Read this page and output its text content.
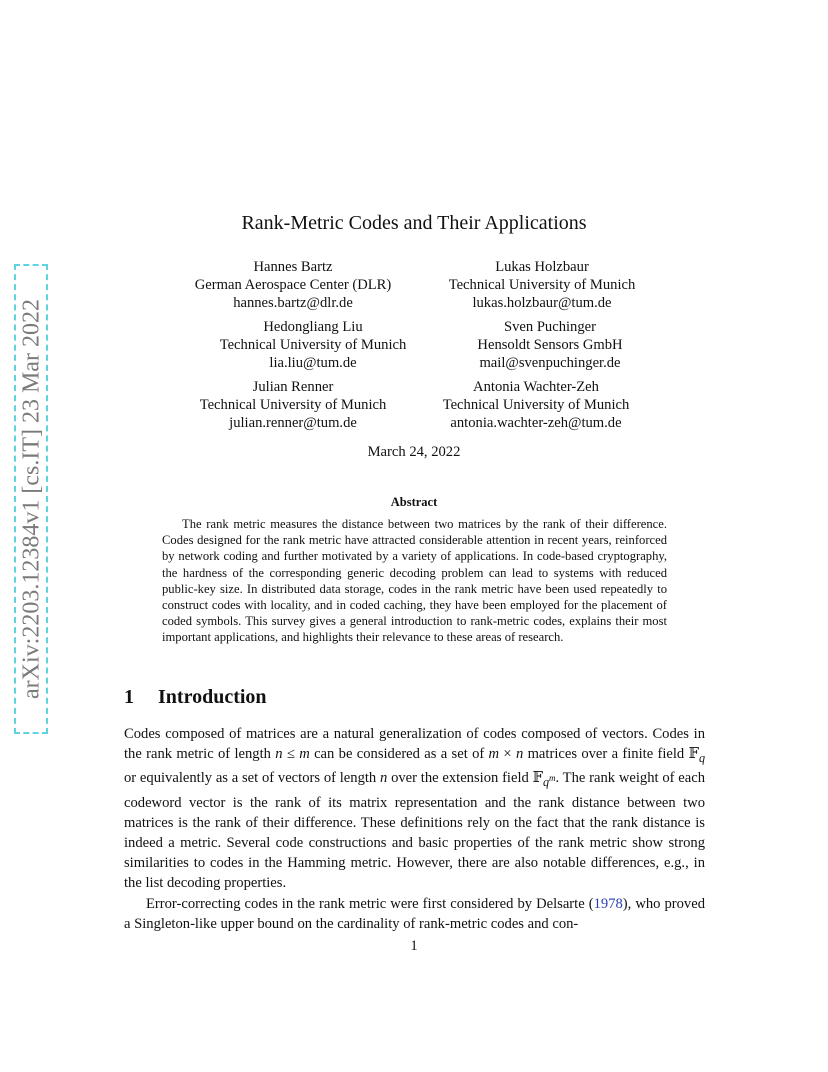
arXiv:2203.12384v1 [cs.IT] 23 Mar 2022
Rank-Metric Codes and Their Applications
Hannes Bartz
German Aerospace Center (DLR)
hannes.bartz@dlr.de
Lukas Holzbaur
Technical University of Munich
lukas.holzbaur@tum.de
Hedongliang Liu
Technical University of Munich
lia.liu@tum.de
Sven Puchinger
Hensoldt Sensors GmbH
mail@svenpuchinger.de
Julian Renner
Technical University of Munich
julian.renner@tum.de
Antonia Wachter-Zeh
Technical University of Munich
antonia.wachter-zeh@tum.de
March 24, 2022
Abstract
The rank metric measures the distance between two matrices by the rank of their difference. Codes designed for the rank metric have attracted considerable attention in recent years, reinforced by network coding and further motivated by a variety of applications. In code-based cryptography, the hardness of the corresponding generic decoding problem can lead to systems with reduced public-key size. In distributed data storage, codes in the rank metric have been used repeatedly to construct codes with locality, and in coded caching, they have been employed for the placement of coded symbols. This survey gives a general introduction to rank-metric codes, explains their most important applications, and highlights their relevance to these areas of research.
1 Introduction

Codes composed of matrices are a natural generalization of codes composed of vectors. Codes in the rank metric of length n ≤ m can be considered as a set of m × n matrices over a finite field 𝔽$_q$ or equivalently as a set of vectors of length n over the extension field 𝔽$_{q^m}$. The rank weight of each codeword vector is the rank of its matrix representation and the rank distance between two matrices is the rank of their difference. These definitions rely on the fact that the rank distance is indeed a metric. Several code constructions and basic properties of the rank metric show strong similarities to codes in the Hamming metric. However, there are also notable differences, e.g., in the list decoding properties.

Error-correcting codes in the rank metric were first considered by Delsarte (1978), who proved a Singleton-like upper bound on the cardinality of rank-metric codes and con-

1
